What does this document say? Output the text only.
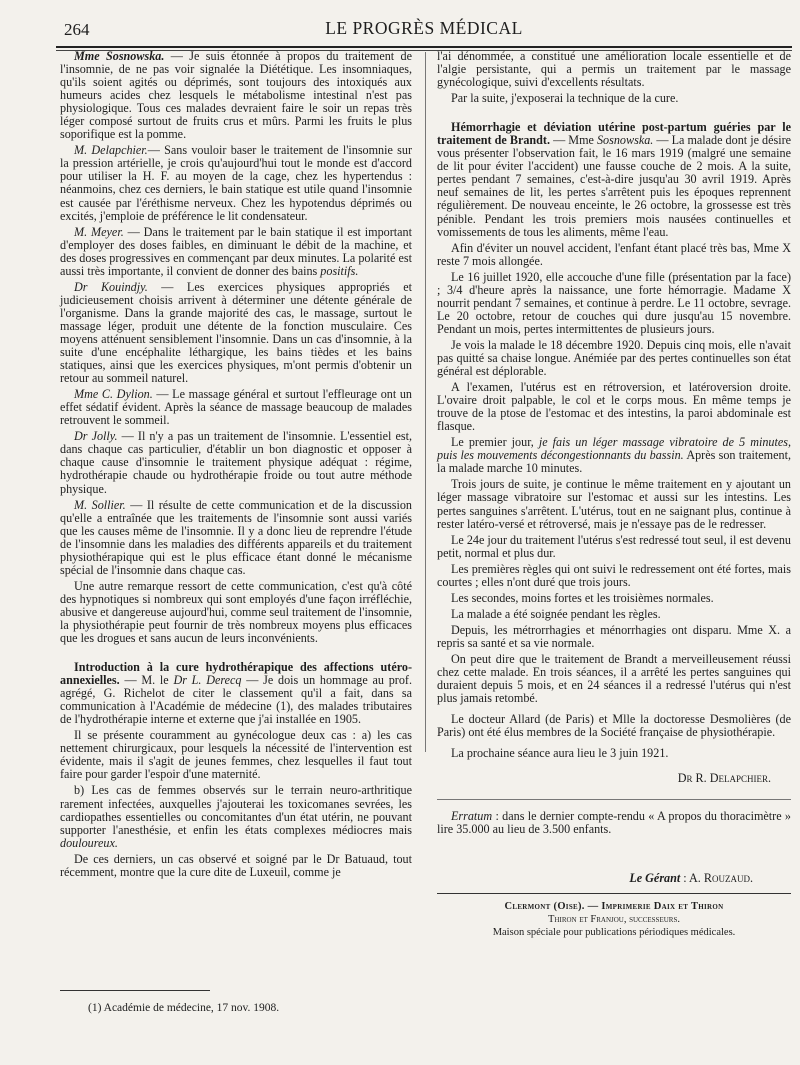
264	LE PROGRÈS MÉDICAL

Mme Sosnowska. — Je suis étonnée à propos du traitement de l'insomnie, de ne pas voir signalée la Diététique. Les insomniaques, qu'ils soient agités ou déprimés, sont toujours des intoxiqués aux humeurs acides chez lesquels le métabolisme intestinal n'est pas physiologique. Tous ces malades devraient faire le soir un repas très léger composé surtout de fruits crus et mûrs. Parmi les fruits le plus soporifique est la pomme.

M. Delapchier.— Sans vouloir baser le traitement de l'insomnie sur la pression artérielle, je crois qu'aujourd'hui tout le monde est d'accord pour utiliser la H. F. au moyen de la cage, chez les hypertendus : néanmoins, chez ces derniers, le bain statique est utile quand l'insomnie est causée par l'éréthisme nerveux. Chez les hypotendus déprimés ou excités, j'emploie de préférence le lit condensateur.

M. Meyer. — Dans le traitement par le bain statique il est important d'employer des doses faibles, en diminuant le débit de la machine, et des doses progressives en commençant par deux minutes. La polarité est aussi très importante, il convient de donner des bains positifs.

Dr Kouindjy. — Les exercices physiques appropriés et judicieusement choisis arrivent à déterminer une détente générale de l'organisme. Dans la grande majorité des cas, le massage, surtout le massage léger, produit une détente de la fonction musculaire. Ces moyens atténuent sensiblement l'insomnie. Dans un cas d'insomnie, à la suite d'une encéphalite léthargique, les bains tièdes et les bains statiques, ainsi que les exercices physiques, m'ont permis d'obtenir un retour au sommeil naturel.

Mme C. Dylion. — Le massage général et surtout l'effleurage ont un effet sédatif évident. Après la séance de massage beaucoup de malades retrouvent le sommeil.

Dr Jolly. — Il n'y a pas un traitement de l'insomnie. L'essentiel est, dans chaque cas particulier, d'établir un bon diagnostic et opposer à chaque cause d'insomnie le traitement physique adéquat : régime, hydrothérapie chaude ou hydrothérapie froide ou tout autre méthode physique.

M. Sollier. — Il résulte de cette communication et de la discussion qu'elle a entraînée que les traitements de l'insomnie sont aussi variés que les causes même de l'insomnie. Il y a donc lieu de reprendre l'étude de l'insomnie dans les maladies des différents appareils et du traitement physiothérapique qui est le plus efficace étant donné le mécanisme spécial de l'insomnie dans chaque cas.

Une autre remarque ressort de cette communication, c'est qu'à côté des hypnotiques si nombreux qui sont employés d'une façon irréfléchie, abusive et dangereuse aujourd'hui, comme seul traitement de l'insomnie, la physiothérapie peut fournir de très nombreux moyens plus efficaces que les drogues et sans aucun de leurs inconvénients.

Introduction à la cure hydrothérapique des affections utéro-annexielles. — M. le Dr L. Derecq — Je dois un hommage au prof. agrégé, G. Richelot de citer le classement qu'il a fait, dans sa communication à l'Académie de médecine (1), des malades tributaires de l'hydrothérapie interne et externe que j'ai installée en 1905.

Il se présente couramment au gynécologue deux cas : a) les cas nettement chirurgicaux, pour lesquels la nécessité de l'intervention est évidente, mais il s'agit de jeunes femmes, chez lesquelles il faut tout faire pour garder l'espoir d'une maternité.

b) Les cas de femmes observés sur le terrain neuro-arthritique rarement infectées, auxquelles j'ajouterai les toxicomanes sevrées, les cardiopathes essentielles ou concomitantes d'un état utérin, ne pouvant supporter l'anesthésie, et enfin les états complexes médiocres mais douloureux.

De ces derniers, un cas observé et soigné par le Dr Batuaud, tout récemment, montre que la cure dite de Luxeuil, comme je

l'ai dénommée, a constitué une amélioration locale essentielle et de l'algie persistante, qui a permis un traitement par le massage gynécologique, suivi d'excellents résultats.

Par la suite, j'exposerai la technique de la cure.

Hémorrhagie et déviation utérine post-partum guéries par le traitement de Brandt. — Mme Sosnowska. — La malade dont je désire vous présenter l'observation fait, le 16 mars 1919 (malgré une semaine de lit pour éviter l'accident) une fausse couche de 2 mois. A la suite, pertes pendant 7 semaines, c'est-à-dire jusqu'au 30 avril 1919. Après neuf semaines de lit, les pertes s'arrêtent puis les époques reprennent régulièrement. De nouveau enceinte, le 26 octobre, la grossesse est très pénible. Pendant les trois premiers mois nausées continuelles et vomissements de tous les aliments, même l'eau.

Afin d'éviter un nouvel accident, l'enfant étant placé très bas, Mme X reste 7 mois allongée.

Le 16 juillet 1920, elle accouche d'une fille (présentation par la face) ; 3/4 d'heure après la naissance, une forte hémorragie. Madame X nourrit pendant 7 semaines, et continue à perdre. Le 11 octobre, sevrage. Le 20 octobre, retour de couches qui dure jusqu'au 15 novembre. Pendant un mois, pertes intermittentes de plusieurs jours.

Je vois la malade le 18 décembre 1920. Depuis cinq mois, elle n'avait pas quitté sa chaise longue. Anémiée par des pertes continuelles son état général est déplorable.

A l'examen, l'utérus est en rétroversion, et latéroversion droite. L'ovaire droit palpable, le col et le corps mous. En même temps je trouve de la ptose de l'estomac et des intestins, la paroi abdominale est flasque.

Le premier jour, je fais un léger massage vibratoire de 5 minutes, puis les mouvements décongestionnants du bassin. Après son traitement, la malade marche 10 minutes.

Trois jours de suite, je continue le même traitement en y ajoutant un léger massage vibratoire sur l'estomac et aussi sur les intestins. Les pertes sanguines s'arrêtent. L'utérus, tout en ne saignant plus, continue à rester latéro-versé et rétroversé, mais je n'essaye pas de le redresser.

Le 24e jour du traitement l'utérus s'est redressé tout seul, il est devenu petit, normal et plus dur.

Les premières règles qui ont suivi le redressement ont été fortes, mais courtes ; elles n'ont duré que trois jours.

Les secondes, moins fortes et les troisièmes normales.

La malade a été soignée pendant les règles.

Depuis, les métrorrhagies et ménorrhagies ont disparu. Mme X. a repris sa santé et sa vie normale.

On peut dire que le traitement de Brandt a merveilleusement réussi chez cette malade. En trois séances, il a arrêté les pertes sanguines qui duraient depuis 5 mois, et en 24 séances il a redressé l'utérus qui n'est plus jamais retombé.

Le docteur Allard (de Paris) et Mlle la doctoresse Desmolières (de Paris) ont été élus membres de la Société française de physiothérapie.

La prochaine séance aura lieu le 3 juin 1921.

Dr R. Delapchier.

Erratum : dans le dernier compte-rendu « A propos du thoracimètre » lire 35.000 au lieu de 3.500 enfants.

Le Gérant : A. Rouzaud.
Clermont (Oise). — Imprimerie Daix et Thiron
Thiron et Franjou, successeurs.
Maison spéciale pour publications périodiques médicales.
(1) Académie de médecine, 17 nov. 1908.
